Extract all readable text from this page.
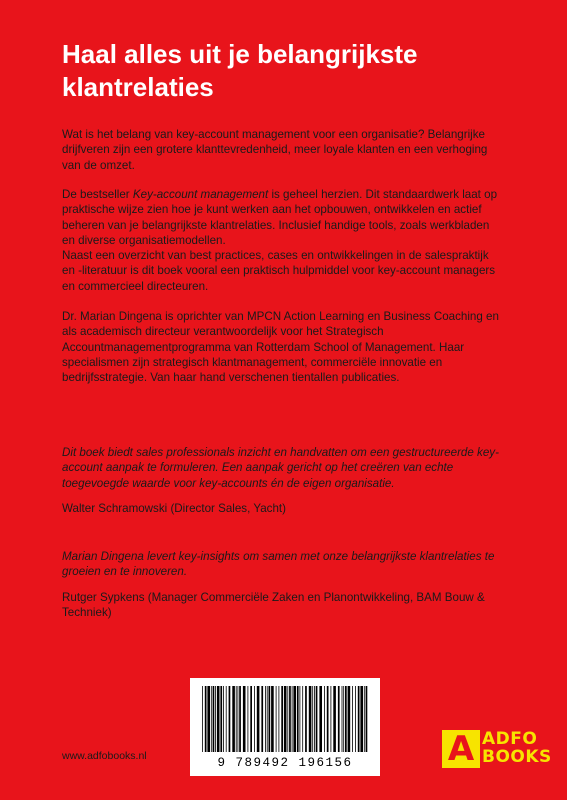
Haal alles uit je belangrijkste
klantrelaties

Wat is het belang van key-account management voor een organisatie? Belangrijke drijfveren zijn een grotere klanttevredenheid, meer loyale klanten en een verhoging van de omzet.

De bestseller Key-account management is geheel herzien. Dit standaardwerk laat op praktische wijze zien hoe je kunt werken aan het opbouwen, ontwikkelen en actief beheren van je belangrijkste klantrelaties. Inclusief handige tools, zoals werkbladen en diverse organisatiemodellen.

Naast een overzicht van best practices, cases en ontwikkelingen in de salespraktijk en -literatuur is dit boek vooral een praktisch hulpmiddel voor key-account managers en commercieel directeuren.

Dr. Marian Dingena is oprichter van MPCN Action Learning en Business Coaching en als academisch directeur verantwoordelijk voor het Strategisch Accountmanagementprogramma van Rotterdam School of Management. Haar specialismen zijn strategisch klantmanagement, commerciële innovatie en bedrijfsstrategie. Van haar hand verschenen tientallen publicaties.

Dit boek biedt sales professionals inzicht en handvatten om een gestructureerde key-account aanpak te formuleren. Een aanpak gericht op het creëren van echte toegevoegde waarde voor key-accounts én de eigen organisatie.

Walter Schramowski (Director Sales, Yacht)

Marian Dingena levert key-insights om samen met onze belangrijkste klantrelaties te groeien en te innoveren.

Rutger Sypkens (Manager Commerciële Zaken en Planontwikkeling, BAM Bouw & Techniek)

9 789492 196156
www.adfobooks.nl	A ADFO
BOOKS
